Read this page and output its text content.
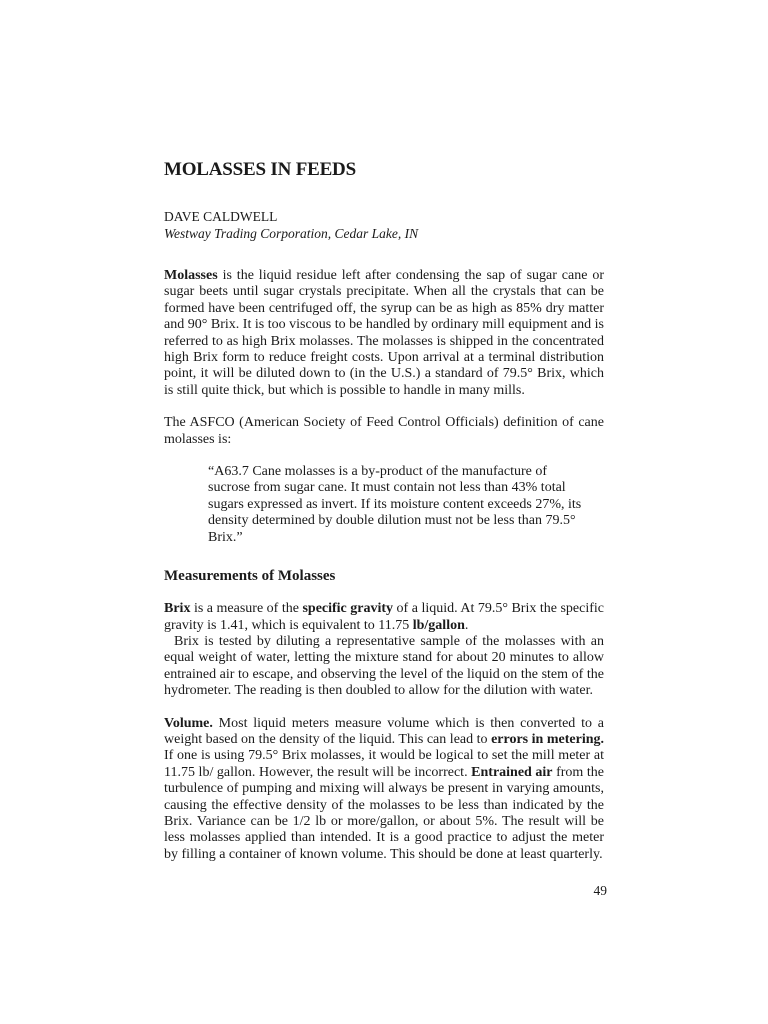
MOLASSES IN FEEDS
DAVE CALDWELL
Westway Trading Corporation, Cedar Lake, IN

Molasses is the liquid residue left after condensing the sap of sugar cane or sugar beets until sugar crystals precipitate. When all the crystals that can be formed have been centrifuged off, the syrup can be as high as 85% dry matter and 90° Brix. It is too viscous to be handled by ordinary mill equipment and is referred to as high Brix molasses. The molasses is shipped in the concentrated high Brix form to reduce freight costs. Upon arrival at a terminal distribution point, it will be diluted down to (in the U.S.) a standard of 79.5° Brix, which is still quite thick, but which is possible to handle in many mills.

The ASFCO (American Society of Feed Control Officials) definition of cane molasses is:

“A63.7 Cane molasses is a by-product of the manufacture of sucrose from sugar cane. It must contain not less than 43% total sugars expressed as invert. If its moisture content exceeds 27%, its density determined by double dilution must not be less than 79.5° Brix.”

Measurements of Molasses

Brix is a measure of the specific gravity of a liquid. At 79.5° Brix the specific gravity is 1.41, which is equivalent to 11.75 lb/gallon.

Brix is tested by diluting a representative sample of the molasses with an equal weight of water, letting the mixture stand for about 20 minutes to allow entrained air to escape, and observing the level of the liquid on the stem of the hydrometer. The reading is then doubled to allow for the dilution with water.

Volume. Most liquid meters measure volume which is then converted to a weight based on the density of the liquid. This can lead to errors in metering. If one is using 79.5° Brix molasses, it would be logical to set the mill meter at 11.75 lb/ gallon. However, the result will be incorrect. Entrained air from the turbulence of pumping and mixing will always be present in varying amounts, causing the effective density of the molasses to be less than indicated by the Brix. Variance can be 1/2 lb or more/gallon, or about 5%. The result will be less molasses applied than intended. It is a good practice to adjust the meter by filling a container of known volume. This should be done at least quarterly.

49
